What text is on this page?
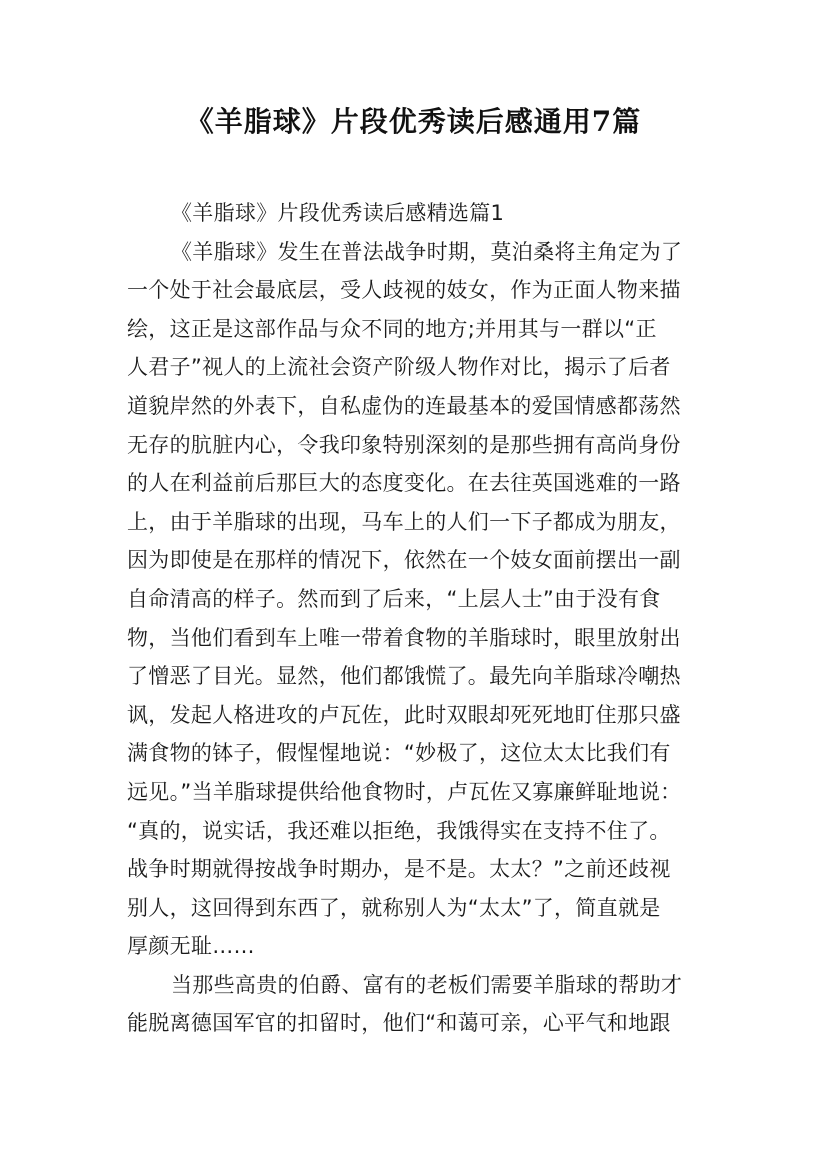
《羊脂球》片段优秀读后感通用7篇
《羊脂球》片段优秀读后感精选篇1
《羊脂球》发生在普法战争时期，莫泊桑将主角定为了
一个处于社会最底层，受人歧视的妓女，作为正面人物来描
绘，这正是这部作品与众不同的地方;并用其与一群以“正
人君子”视人的上流社会资产阶级人物作对比，揭示了后者
道貌岸然的外表下，自私虚伪的连最基本的爱国情感都荡然
无存的肮脏内心，令我印象特别深刻的是那些拥有高尚身份
的人在利益前后那巨大的态度变化。在去往英国逃难的一路
上，由于羊脂球的出现，马车上的人们一下子都成为朋友，
因为即使是在那样的情况下，依然在一个妓女面前摆出一副
自命清高的样子。然而到了后来，“上层人士”由于没有食
物，当他们看到车上唯一带着食物的羊脂球时，眼里放射出
了憎恶了目光。显然，他们都饿慌了。最先向羊脂球冷嘲热
讽，发起人格进攻的卢瓦佐，此时双眼却死死地盯住那只盛
满食物的钵子，假惺惺地说：“妙极了，这位太太比我们有
远见。”当羊脂球提供给他食物时，卢瓦佐又寡廉鲜耻地说：
“真的，说实话，我还难以拒绝，我饿得实在支持不住了。
战争时期就得按战争时期办，是不是。太太？”之前还歧视
别人，这回得到东西了，就称别人为“太太”了，简直就是
厚颜无耻……
当那些高贵的伯爵、富有的老板们需要羊脂球的帮助才
能脱离德国军官的扣留时，他们“和蔼可亲，心平气和地跟
